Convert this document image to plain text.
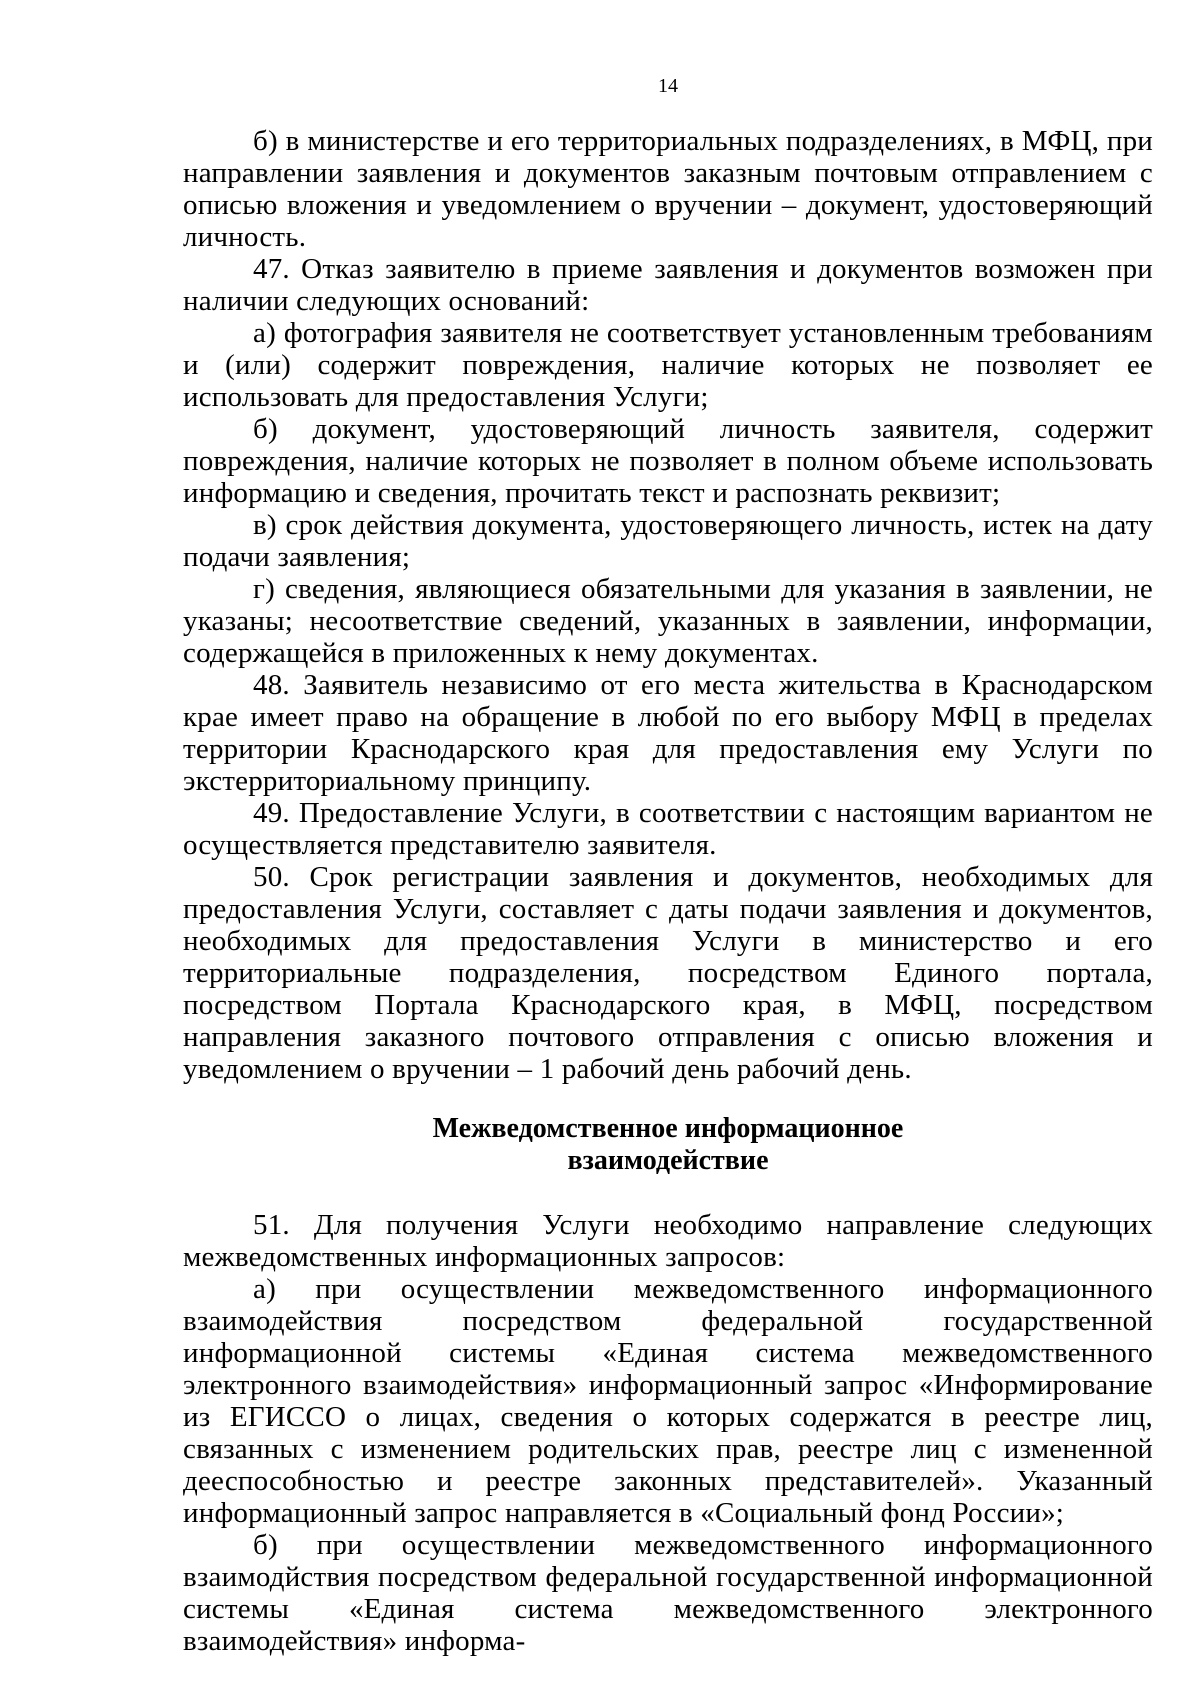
14

б) в министерстве и его территориальных подразделениях, в МФЦ, при направлении заявления и документов заказным почтовым отправлением с описью вложения и уведомлением о вручении – документ, удостоверяющий личность.

47. Отказ заявителю в приеме заявления и документов возможен при наличии следующих оснований:

а) фотография заявителя не соответствует установленным требованиям и (или) содержит повреждения, наличие которых не позволяет ее использовать для предоставления Услуги;

б) документ, удостоверяющий личность заявителя, содержит повреждения, наличие которых не позволяет в полном объеме использовать информацию и сведения, прочитать текст и распознать реквизит;

в) срок действия документа, удостоверяющего личность, истек на дату подачи заявления;

г) сведения, являющиеся обязательными для указания в заявлении, не указаны; несоответствие сведений, указанных в заявлении, информации, содержащейся в приложенных к нему документах.

48. Заявитель независимо от его места жительства в Краснодарском крае имеет право на обращение в любой по его выбору МФЦ в пределах территории Краснодарского края для предоставления ему Услуги по экстерриториальному принципу.

49. Предоставление Услуги, в соответствии с настоящим вариантом не осуществляется представителю заявителя.

50. Срок регистрации заявления и документов, необходимых для предоставления Услуги, составляет с даты подачи заявления и документов, необходимых для предоставления Услуги в министерство и его территориальные подразделения, посредством Единого портала, посредством Портала Краснодарского края, в МФЦ, посредством направления заказного почтового отправления с описью вложения и уведомлением о вручении – 1 рабочий день рабочий день.

Межведомственное информационное

взаимодействие

51. Для получения Услуги необходимо направление следующих межведомственных информационных запросов:

а) при осуществлении межведомственного информационного взаимодействия посредством федеральной государственной информационной системы «Единая система межведомственного электронного взаимодействия» информационный запрос «Информирование из ЕГИССО о лицах, сведения о которых содержатся в реестре лиц, связанных с изменением родительских прав, реестре лиц с измененной дееспособностью и реестре законных представителей». Указанный информационный запрос направляется в «Социальный фонд России»;

б) при осуществлении межведомственного информационного взаимодйствия посредством федеральной государственной информационной системы «Единая система межведомственного электронного взаимодействия» информа-
